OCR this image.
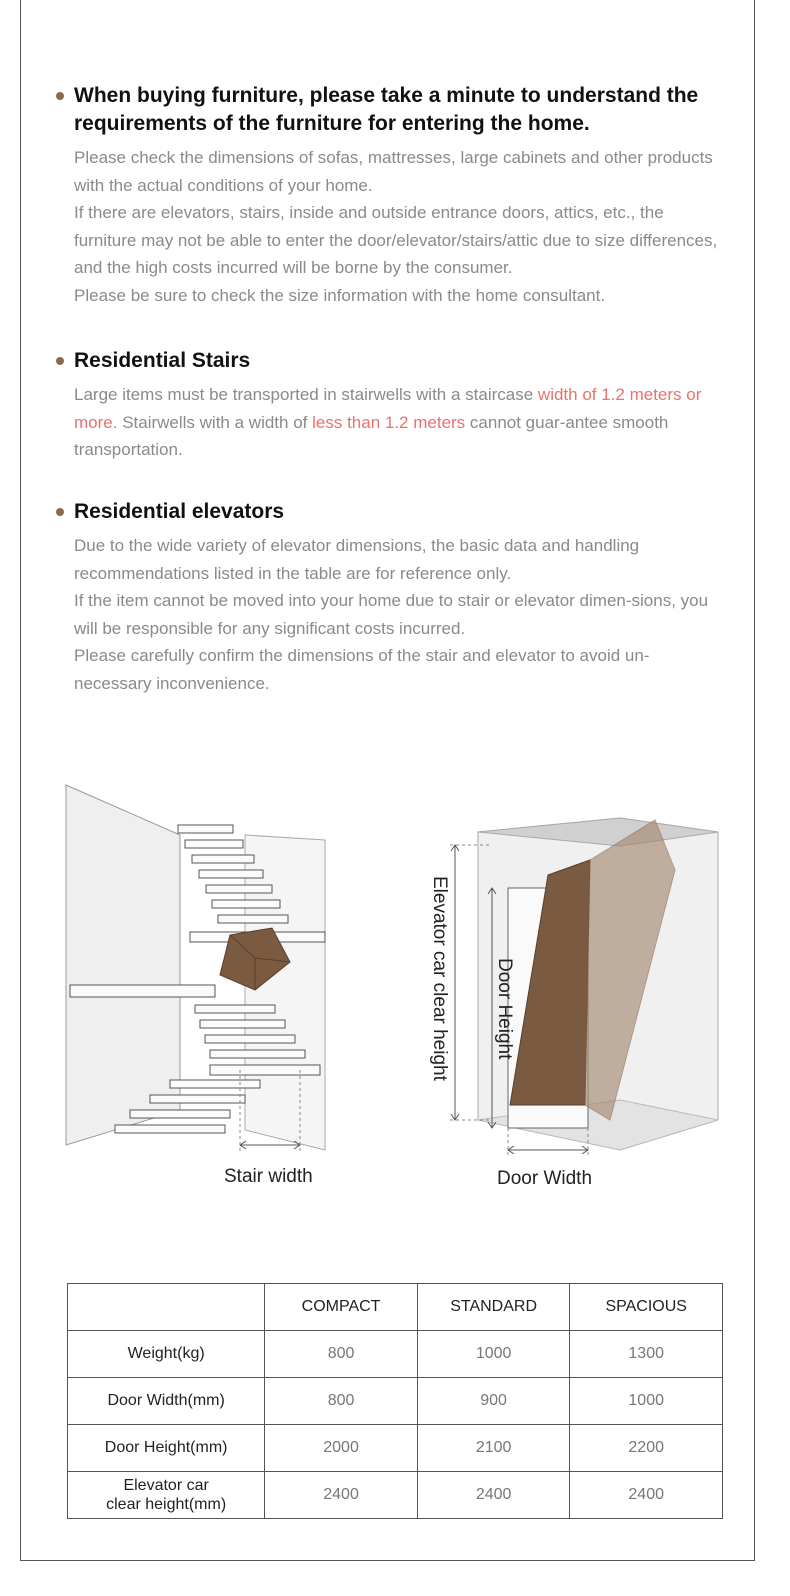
When buying furniture, please take a minute to understand the requirements of the furniture for entering the home.

Please check the dimensions of sofas, mattresses, large cabinets and other products with the actual conditions of your home.

If there are elevators, stairs, inside and outside entrance doors, attics, etc., the furniture may not be able to enter the door/elevator/stairs/attic due to size differences, and the high costs incurred will be borne by the consumer.

Please be sure to check the size information with the home consultant.

Residential Stairs

Large items must be transported in stairwells with a staircase width of 1.2 meters or more. Stairwells with a width of less than 1.2 meters cannot guar-antee smooth transportation.

Residential elevators

Due to the wide variety of elevator dimensions, the basic data and handling recommendations listed in the table are for reference only.

If the item cannot be moved into your home due to stair or elevator dimen-sions, you will be responsible for any significant costs incurred.

Please carefully confirm the dimensions of the stair and elevator to avoid un-necessary inconvenience.

Stair width
Elevator car clear height Door Height
Door Width
	COMPACT	STANDARD	SPACIOUS
Weight(kg)	800	1000	1300
Door Width(mm)	800	900	1000
Door Height(mm)	2000	2100	2200
Elevator car
clear height(mm)	2400	2400	2400
